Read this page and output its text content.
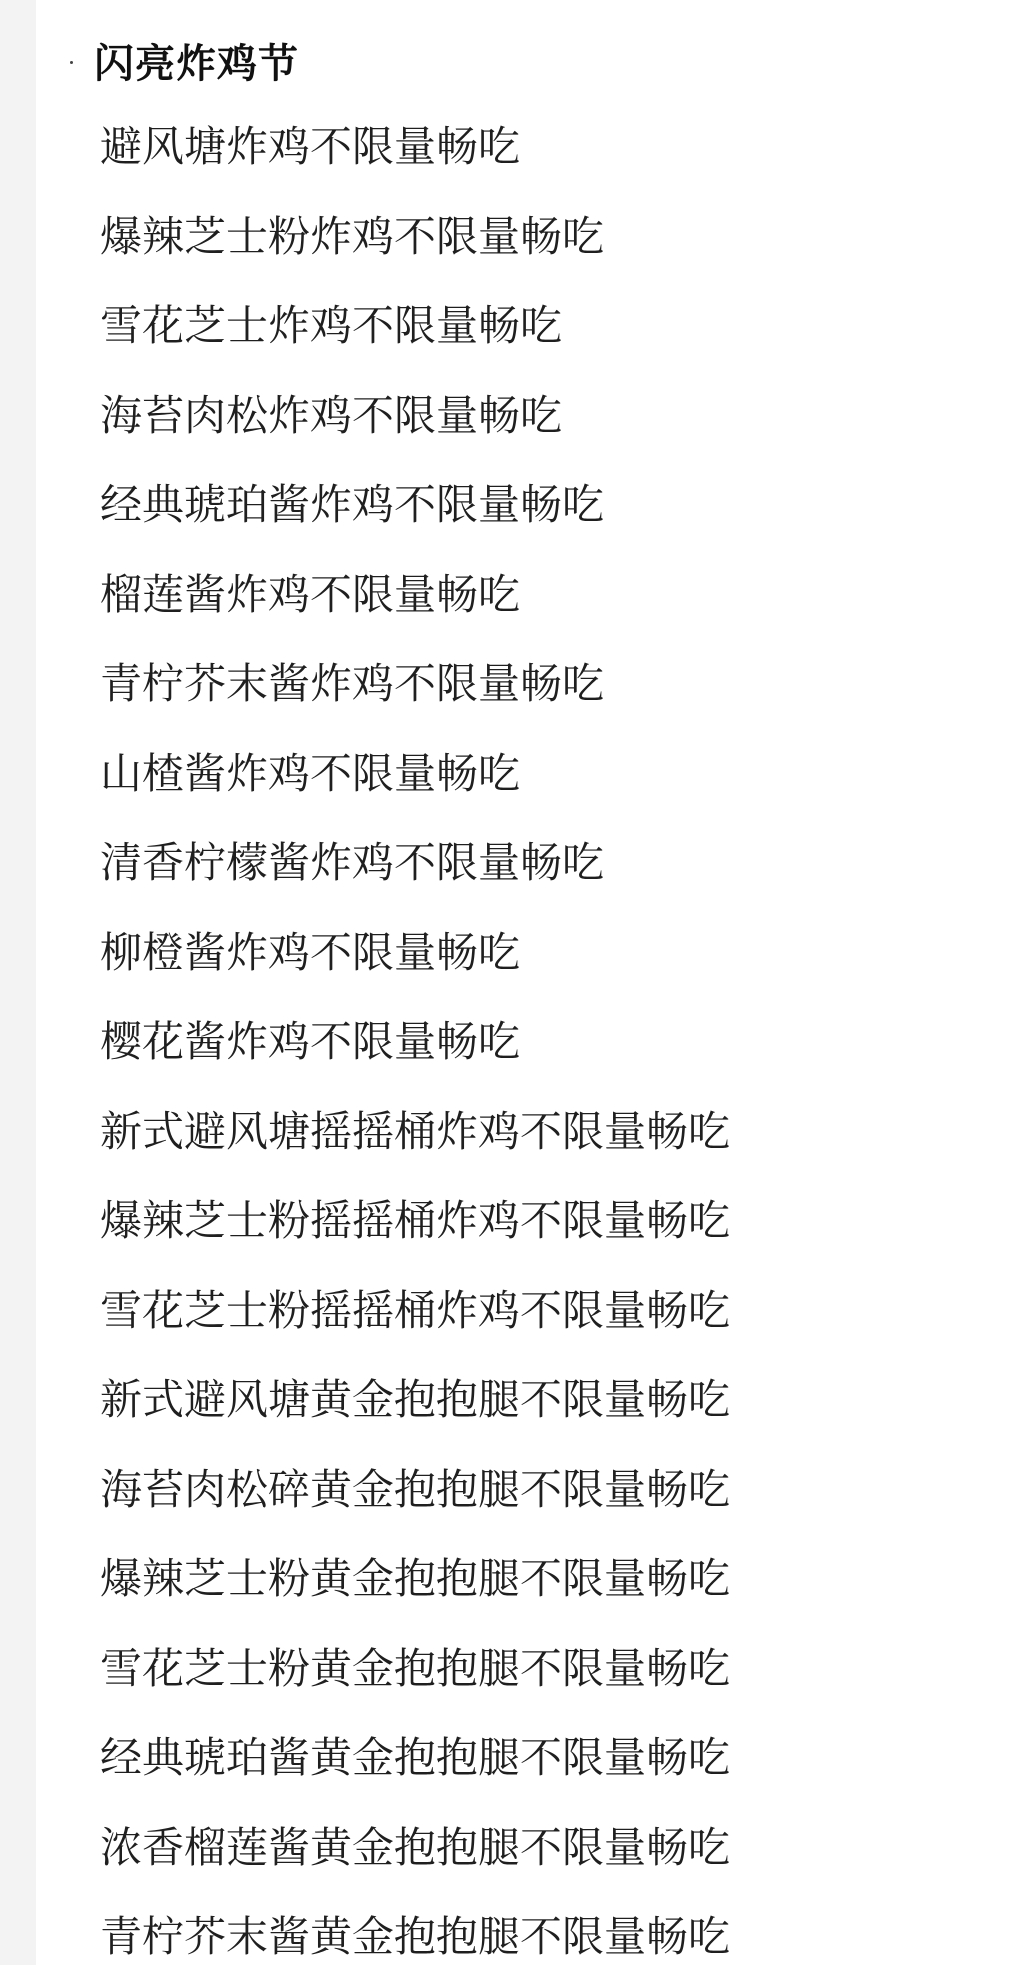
闪亮炸鸡节
避风塘炸鸡不限量畅吃
爆辣芝士粉炸鸡不限量畅吃
雪花芝士炸鸡不限量畅吃
海苔肉松炸鸡不限量畅吃
经典琥珀酱炸鸡不限量畅吃
榴莲酱炸鸡不限量畅吃
青柠芥末酱炸鸡不限量畅吃
山楂酱炸鸡不限量畅吃
清香柠檬酱炸鸡不限量畅吃
柳橙酱炸鸡不限量畅吃
樱花酱炸鸡不限量畅吃
新式避风塘摇摇桶炸鸡不限量畅吃
爆辣芝士粉摇摇桶炸鸡不限量畅吃
雪花芝士粉摇摇桶炸鸡不限量畅吃
新式避风塘黄金抱抱腿不限量畅吃
海苔肉松碎黄金抱抱腿不限量畅吃
爆辣芝士粉黄金抱抱腿不限量畅吃
雪花芝士粉黄金抱抱腿不限量畅吃
经典琥珀酱黄金抱抱腿不限量畅吃
浓香榴莲酱黄金抱抱腿不限量畅吃
青柠芥末酱黄金抱抱腿不限量畅吃
